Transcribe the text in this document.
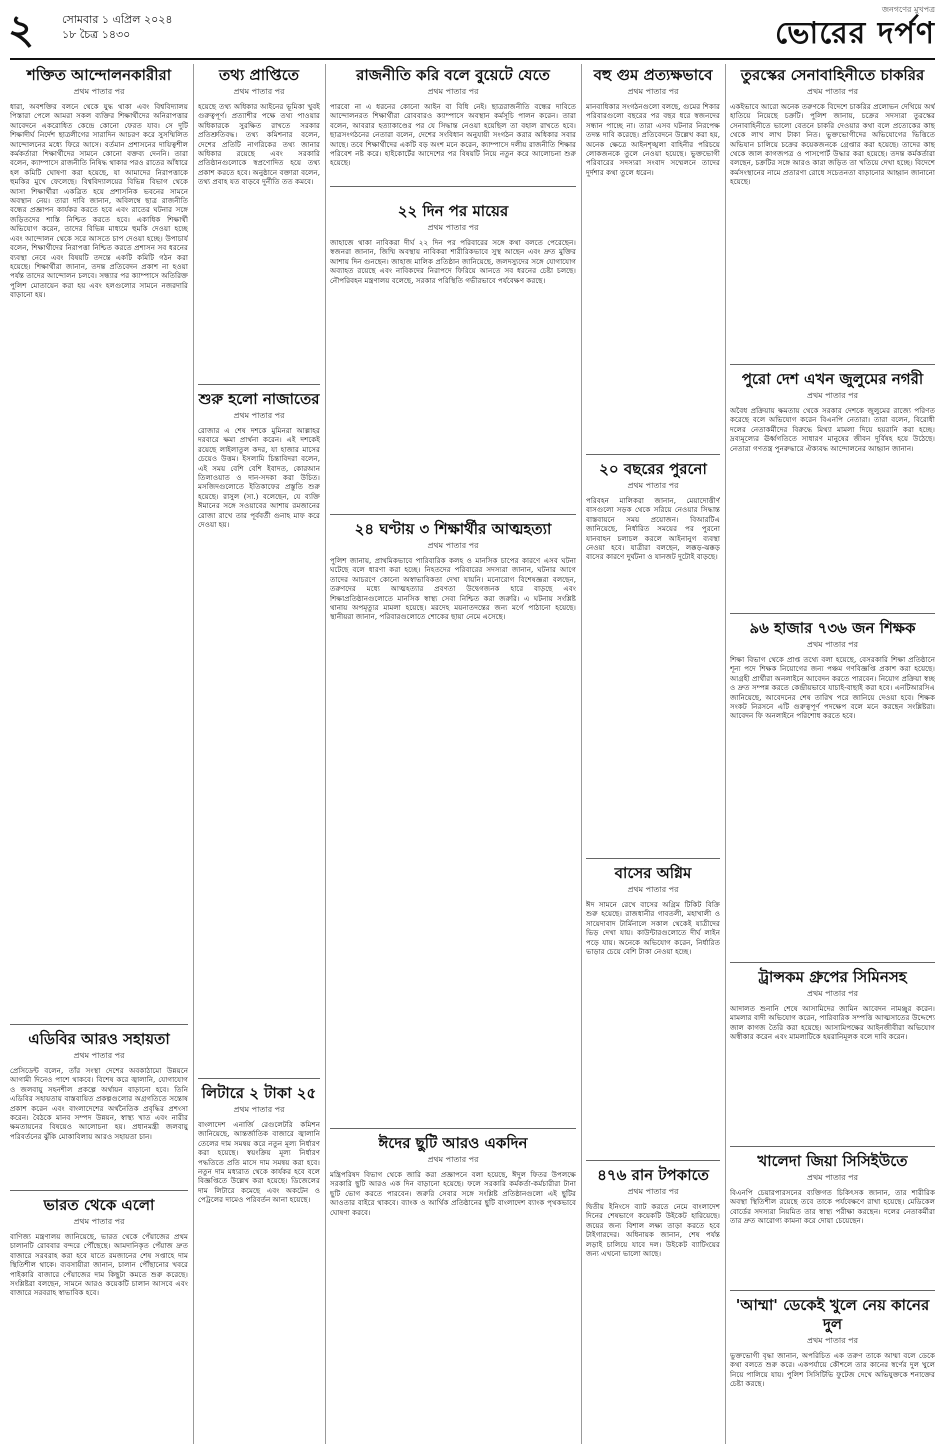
২	সোমবার ১ এপ্রিল ২০২৪
১৮ চৈত্র ১৪৩০
জনগণের মুখপত্র
ভোরের দর্পণ
শক্তিত আন্দোলনকারীরা
প্রথম পাতার পর
ধারা, অবশক্তির বলনে থেকে যুদ্ধ থাকা এবং বিশ্ববিদ্যালয় পিস্তারা পেলে আমরা সকল ব্যক্তির শিক্ষার্থীদের অনিরাপত্তার আবেদনে একরোধিত কেন্দ্রে কোনো ফেরত যাব। সে দুটি শিক্ষাদীর্ঘ নির্দেশ ছাত্রলীগের সারাদিন আচরণ করে সুসম্মিলিত আন্দোলনের মধ্যে ফিরে আসে। বর্তমান প্রশাসনের দায়িত্বশীল কর্মকর্তারা শিক্ষার্থীদের সামনে কোনো বক্তব্য দেননি। তারা বলেন, ক্যাম্পাসে রাজনীতি নিষিদ্ধ থাকার পরও রাতের আঁধারে হল কমিটি ঘোষণা করা হয়েছে, যা আমাদের নিরাপত্তাকে হুমকির মুখে ফেলেছে। বিশ্ববিদ্যালয়ের বিভিন্ন বিভাগ থেকে আসা শিক্ষার্থীরা একত্রিত হয়ে প্রশাসনিক ভবনের সামনে অবস্থান নেয়। তারা দাবি জানান, অবিলম্বে ছাত্র রাজনীতি বন্ধের প্রজ্ঞাপন কার্যকর করতে হবে এবং রাতের ঘটনার সঙ্গে জড়িতদের শাস্তি নিশ্চিত করতে হবে। একাধিক শিক্ষার্থী অভিযোগ করেন, তাদের বিভিন্ন মাধ্যমে হুমকি দেওয়া হচ্ছে এবং আন্দোলন থেকে সরে আসতে চাপ দেওয়া হচ্ছে। উপাচার্য বলেন, শিক্ষার্থীদের নিরাপত্তা নিশ্চিত করতে প্রশাসন সব ধরনের ব্যবস্থা নেবে এবং বিষয়টি তদন্তে একটি কমিটি গঠন করা হয়েছে। শিক্ষার্থীরা জানান, তদন্ত প্রতিবেদন প্রকাশ না হওয়া পর্যন্ত তাদের আন্দোলন চলবে। সন্ধ্যার পর ক্যাম্পাসে অতিরিক্ত পুলিশ মোতায়েন করা হয় এবং হলগুলোর সামনে নজরদারি বাড়ানো হয়।
এডিবির আরও সহায়তা
প্রথম পাতার পর
প্রেসিডেন্ট বলেন, তাঁর সংস্থা দেশের অবকাঠামো উন্নয়নে আগামী দিনেও পাশে থাকবে। বিশেষ করে জ্বালানি, যোগাযোগ ও জলবায়ু সহনশীল প্রকল্পে অর্থায়ন বাড়ানো হবে। তিনি এডিবির সহায়তায় বাস্তবায়িত প্রকল্পগুলোর অগ্রগতিতে সন্তোষ প্রকাশ করেন এবং বাংলাদেশের অর্থনৈতিক প্রবৃদ্ধির প্রশংসা করেন। বৈঠকে মানব সম্পদ উন্নয়ন, স্বাস্থ্য খাত এবং নারীর ক্ষমতায়নের বিষয়েও আলোচনা হয়। প্রধানমন্ত্রী জলবায়ু পরিবর্তনের ঝুঁকি মোকাবিলায় আরও সহায়তা চান।
ভারত থেকে এলো
প্রথম পাতার পর
বাণিজ্য মন্ত্রণালয় জানিয়েছে, ভারত থেকে পেঁয়াজের প্রথম চালানটি রোববার বন্দরে পৌঁছেছে। আমদানিকৃত পেঁয়াজ দ্রুত বাজারে সরবরাহ করা হবে যাতে রমজানের শেষ সপ্তাহে দাম স্থিতিশীল থাকে। ব্যবসায়ীরা জানান, চালান পৌঁছানোর খবরে পাইকারি বাজারে পেঁয়াজের দাম কিছুটা কমতে শুরু করেছে। সংশ্লিষ্টরা বলছেন, সামনে আরও কয়েকটি চালান আসবে এবং বাজারে সরবরাহ স্বাভাবিক হবে।
তথ্য প্রাপ্তিতে
প্রথম পাতার পর
হয়েছে তথ্য অধিকার আইনের ভূমিকা খুবই গুরুত্বপূর্ণ। প্রত্যাশীর পক্ষে তথ্য পাওয়ার অধিকারকে সুরক্ষিত রাখতে সরকার প্রতিশ্রুতিবদ্ধ। তথ্য কমিশনার বলেন, দেশের প্রতিটি নাগরিকের তথ্য জানার অধিকার রয়েছে এবং সরকারি প্রতিষ্ঠানগুলোকে স্বপ্রণোদিত হয়ে তথ্য প্রকাশ করতে হবে। অনুষ্ঠানে বক্তারা বলেন, তথ্য প্রবাহ যত বাড়বে দুর্নীতি তত কমবে।
শুরু হলো নাজাতের
প্রথম পাতার পর
রোজার এ শেষ দশকে মুমিনরা আল্লাহর দরবারে ক্ষমা প্রার্থনা করেন। এই দশকেই রয়েছে লাইলাতুল কদর, যা হাজার মাসের চেয়েও উত্তম। ইসলামি চিন্তাবিদরা বলেন, এই সময় বেশি বেশি ইবাদত, কোরআন তিলাওয়াত ও দান-সদকা করা উচিত। মসজিদগুলোতে ইতিকাফের প্রস্তুতি শুরু হয়েছে। রাসুল (সা.) বলেছেন, যে ব্যক্তি ঈমানের সঙ্গে সওয়াবের আশায় রমজানের রোজা রাখে তার পূর্ববর্তী গুনাহ মাফ করে দেওয়া হয়।
লিটারে ২ টাকা ২৫
প্রথম পাতার পর
বাংলাদেশ এনার্জি রেগুলেটরি কমিশন জানিয়েছে, আন্তর্জাতিক বাজারে জ্বালানি তেলের দাম সমন্বয় করে নতুন মূল্য নির্ধারণ করা হয়েছে। স্বয়ংক্রিয় মূল্য নির্ধারণ পদ্ধতিতে প্রতি মাসে দাম সমন্বয় করা হবে। নতুন দাম মধ্যরাত থেকে কার্যকর হবে বলে বিজ্ঞপ্তিতে উল্লেখ করা হয়েছে। ডিজেলের দাম লিটারে কমেছে এবং অকটেন ও পেট্রলের দামেও পরিবর্তন আনা হয়েছে।
রাজনীতি করি বলে বুয়েটে যেতে
প্রথম পাতার পর
পারবো না এ ধরনের কোনো আইন বা বিধি নেই। ছাত্ররাজনীতি বন্ধের দাবিতে আন্দোলনরত শিক্ষার্থীরা রোববারও ক্যাম্পাসে অবস্থান কর্মসূচি পালন করেন। তারা বলেন, আবরার হত্যাকাণ্ডের পর যে সিদ্ধান্ত নেওয়া হয়েছিল তা বহাল রাখতে হবে। ছাত্রসংগঠনের নেতারা বলেন, দেশের সংবিধান অনুযায়ী সংগঠন করার অধিকার সবার আছে। তবে শিক্ষার্থীদের একটি বড় অংশ মনে করেন, ক্যাম্পাসে দলীয় রাজনীতি শিক্ষার পরিবেশ নষ্ট করে। হাইকোর্টের আদেশের পর বিষয়টি নিয়ে নতুন করে আলোচনা শুরু হয়েছে।
২২ দিন পর মায়ের
প্রথম পাতার পর
জাহাজে থাকা নাবিকরা দীর্ঘ ২২ দিন পর পরিবারের সঙ্গে কথা বলতে পেরেছেন। স্বজনরা জানান, জিম্মি অবস্থায় নাবিকরা শারীরিকভাবে সুস্থ আছেন এবং দ্রুত মুক্তির আশায় দিন গুনছেন। জাহাজ মালিক প্রতিষ্ঠান জানিয়েছে, জলদস্যুদের সঙ্গে যোগাযোগ অব্যাহত রয়েছে এবং নাবিকদের নিরাপদে ফিরিয়ে আনতে সব ধরনের চেষ্টা চলছে। নৌপরিবহন মন্ত্রণালয় বলেছে, সরকার পরিস্থিতি গভীরভাবে পর্যবেক্ষণ করছে।
২৪ ঘণ্টায় ৩ শিক্ষার্থীর আত্মহত্যা
প্রথম পাতার পর
পুলিশ জানায়, প্রাথমিকভাবে পারিবারিক কলহ ও মানসিক চাপের কারণে এসব ঘটনা ঘটেছে বলে ধারণা করা হচ্ছে। নিহতদের পরিবারের সদস্যরা জানান, ঘটনার আগে তাদের আচরণে কোনো অস্বাভাবিকতা দেখা যায়নি। মনোরোগ বিশেষজ্ঞরা বলছেন, তরুণদের মধ্যে আত্মহত্যার প্রবণতা উদ্বেগজনক হারে বাড়ছে এবং শিক্ষাপ্রতিষ্ঠানগুলোতে মানসিক স্বাস্থ্য সেবা নিশ্চিত করা জরুরি। এ ঘটনায় সংশ্লিষ্ট থানায় অপমৃত্যুর মামলা হয়েছে। মরদেহ ময়নাতদন্তের জন্য মর্গে পাঠানো হয়েছে। স্থানীয়রা জানান, পরিবারগুলোতে শোকের ছায়া নেমে এসেছে।
ঈদের ছুটি আরও একদিন
প্রথম পাতার পর
মন্ত্রিপরিষদ বিভাগ থেকে জারি করা প্রজ্ঞাপনে বলা হয়েছে, ঈদুল ফিতর উপলক্ষে সরকারি ছুটি আরও এক দিন বাড়ানো হয়েছে। ফলে সরকারি কর্মকর্তা-কর্মচারীরা টানা ছুটি ভোগ করতে পারবেন। জরুরি সেবার সঙ্গে সংশ্লিষ্ট প্রতিষ্ঠানগুলো এই ছুটির আওতার বাইরে থাকবে। ব্যাংক ও আর্থিক প্রতিষ্ঠানের ছুটি বাংলাদেশ ব্যাংক পৃথকভাবে ঘোষণা করবে।
বহু গুম প্রত্যক্ষভাবে
প্রথম পাতার পর
মানবাধিকার সংগঠনগুলো বলছে, গুমের শিকার পরিবারগুলো বছরের পর বছর ধরে স্বজনদের সন্ধান পাচ্ছে না। তারা এসব ঘটনার নিরপেক্ষ তদন্ত দাবি করেছে। প্রতিবেদনে উল্লেখ করা হয়, অনেক ক্ষেত্রে আইনশৃঙ্খলা বাহিনীর পরিচয়ে লোকজনকে তুলে নেওয়া হয়েছে। ভুক্তভোগী পরিবারের সদস্যরা সংবাদ সম্মেলনে তাদের দুর্দশার কথা তুলে ধরেন।
২০ বছরের পুরনো
প্রথম পাতার পর
পরিবহন মালিকরা জানান, মেয়াদোত্তীর্ণ বাসগুলো সড়ক থেকে সরিয়ে নেওয়ার সিদ্ধান্ত বাস্তবায়নে সময় প্রয়োজন। বিআরটিএ জানিয়েছে, নির্ধারিত সময়ের পর পুরনো যানবাহন চলাচল করলে আইনানুগ ব্যবস্থা নেওয়া হবে। যাত্রীরা বলছেন, লক্কড়-ঝক্কড় বাসের কারণে দুর্ঘটনা ও যানজট দুটোই বাড়ছে।
বাসের অগ্নিম
প্রথম পাতার পর
ঈদ সামনে রেখে বাসের অগ্রিম টিকিট বিক্রি শুরু হয়েছে। রাজধানীর গাবতলী, মহাখালী ও সায়েদাবাদ টার্মিনালে সকাল থেকেই যাত্রীদের ভিড় দেখা যায়। কাউন্টারগুলোতে দীর্ঘ লাইন পড়ে যায়। অনেকে অভিযোগ করেন, নির্ধারিত ভাড়ার চেয়ে বেশি টাকা নেওয়া হচ্ছে।
৪৭৬ রান টপকাতে
প্রথম পাতার পর
দ্বিতীয় ইনিংসে ব্যাট করতে নেমে বাংলাদেশ দিনের শেষভাগে কয়েকটি উইকেট হারিয়েছে। জয়ের জন্য বিশাল লক্ষ্য তাড়া করতে হবে টাইগারদের। অধিনায়ক জানান, শেষ পর্যন্ত লড়াই চালিয়ে যাবে দল। উইকেট ব্যাটিংয়ের জন্য এখনো ভালো আছে।
তুরস্কের সেনাবাহিনীতে চাকরির
প্রথম পাতার পর
একইভাবে আরো অনেক তরুণকে বিদেশে চাকরির প্রলোভন দেখিয়ে অর্থ হাতিয়ে নিয়েছে চক্রটি। পুলিশ জানায়, চক্রের সদস্যরা তুরস্কের সেনাবাহিনীতে ভালো বেতনে চাকরি দেওয়ার কথা বলে প্রত্যেকের কাছ থেকে লাখ লাখ টাকা নিত। ভুক্তভোগীদের অভিযোগের ভিত্তিতে অভিযান চালিয়ে চক্রের কয়েকজনকে গ্রেপ্তার করা হয়েছে। তাদের কাছ থেকে জাল কাগজপত্র ও পাসপোর্ট উদ্ধার করা হয়েছে। তদন্ত কর্মকর্তারা বলছেন, চক্রটির সঙ্গে আরও কারা জড়িত তা খতিয়ে দেখা হচ্ছে। বিদেশে কর্মসংস্থানের নামে প্রতারণা রোধে সচেতনতা বাড়ানোর আহ্বান জানানো হয়েছে।
পুরো দেশ এখন জুলুমের নগরী
প্রথম পাতার পর
অবৈধ প্রক্রিয়ায় ক্ষমতায় থেকে সরকার দেশকে জুলুমের রাজ্যে পরিণত করেছে বলে অভিযোগ করেন বিএনপি নেতারা। তারা বলেন, বিরোধী দলের নেতাকর্মীদের বিরুদ্ধে মিথ্যা মামলা দিয়ে হয়রানি করা হচ্ছে। দ্রব্যমূল্যের ঊর্ধ্বগতিতে সাধারণ মানুষের জীবন দুর্বিষহ হয়ে উঠেছে। নেতারা গণতন্ত্র পুনরুদ্ধারে ঐক্যবদ্ধ আন্দোলনের আহ্বান জানান।
৯৬ হাজার ৭৩৬ জন শিক্ষক
প্রথম পাতার পর
শিক্ষা বিভাগ থেকে প্রাপ্ত তথ্যে বলা হয়েছে, বেসরকারি শিক্ষা প্রতিষ্ঠানে শূন্য পদে শিক্ষক নিয়োগের জন্য পঞ্চম গণবিজ্ঞপ্তি প্রকাশ করা হয়েছে। আগ্রহী প্রার্থীরা অনলাইনে আবেদন করতে পারবেন। নিয়োগ প্রক্রিয়া স্বচ্ছ ও দ্রুত সম্পন্ন করতে কেন্দ্রীয়ভাবে যাচাই-বাছাই করা হবে। এনটিআরসিএ জানিয়েছে, আবেদনের শেষ তারিখ পরে জানিয়ে দেওয়া হবে। শিক্ষক সংকট নিরসনে এটি গুরুত্বপূর্ণ পদক্ষেপ বলে মনে করছেন সংশ্লিষ্টরা। আবেদন ফি অনলাইনে পরিশোধ করতে হবে।
ট্রান্সকম গ্রুপের সিমিনসহ
প্রথম পাতার পর
আদালত শুনানি শেষে আসামিদের জামিন আবেদন নামঞ্জুর করেন। মামলার বাদী অভিযোগ করেন, পারিবারিক সম্পত্তি আত্মসাতের উদ্দেশ্যে জাল কাগজ তৈরি করা হয়েছে। আসামিপক্ষের আইনজীবীরা অভিযোগ অস্বীকার করেন এবং মামলাটিকে হয়রানিমূলক বলে দাবি করেন।
খালেদা জিয়া সিসিইউতে
প্রথম পাতার পর
বিএনপি চেয়ারপারসনের ব্যক্তিগত চিকিৎসক জানান, তার শারীরিক অবস্থা স্থিতিশীল রয়েছে তবে তাকে পর্যবেক্ষণে রাখা হয়েছে। মেডিকেল বোর্ডের সদস্যরা নিয়মিত তার স্বাস্থ্য পরীক্ষা করছেন। দলের নেতাকর্মীরা তার দ্রুত আরোগ্য কামনা করে দোয়া চেয়েছেন।
'আম্মা' ডেকেই খুলে নেয় কানের দুল
প্রথম পাতার পর
ভুক্তভোগী বৃদ্ধা জানান, অপরিচিত এক তরুণ তাকে আম্মা বলে ডেকে কথা বলতে শুরু করে। একপর্যায়ে কৌশলে তার কানের স্বর্ণের দুল খুলে নিয়ে পালিয়ে যায়। পুলিশ সিসিটিভি ফুটেজ দেখে অভিযুক্তকে শনাক্তের চেষ্টা করছে।
